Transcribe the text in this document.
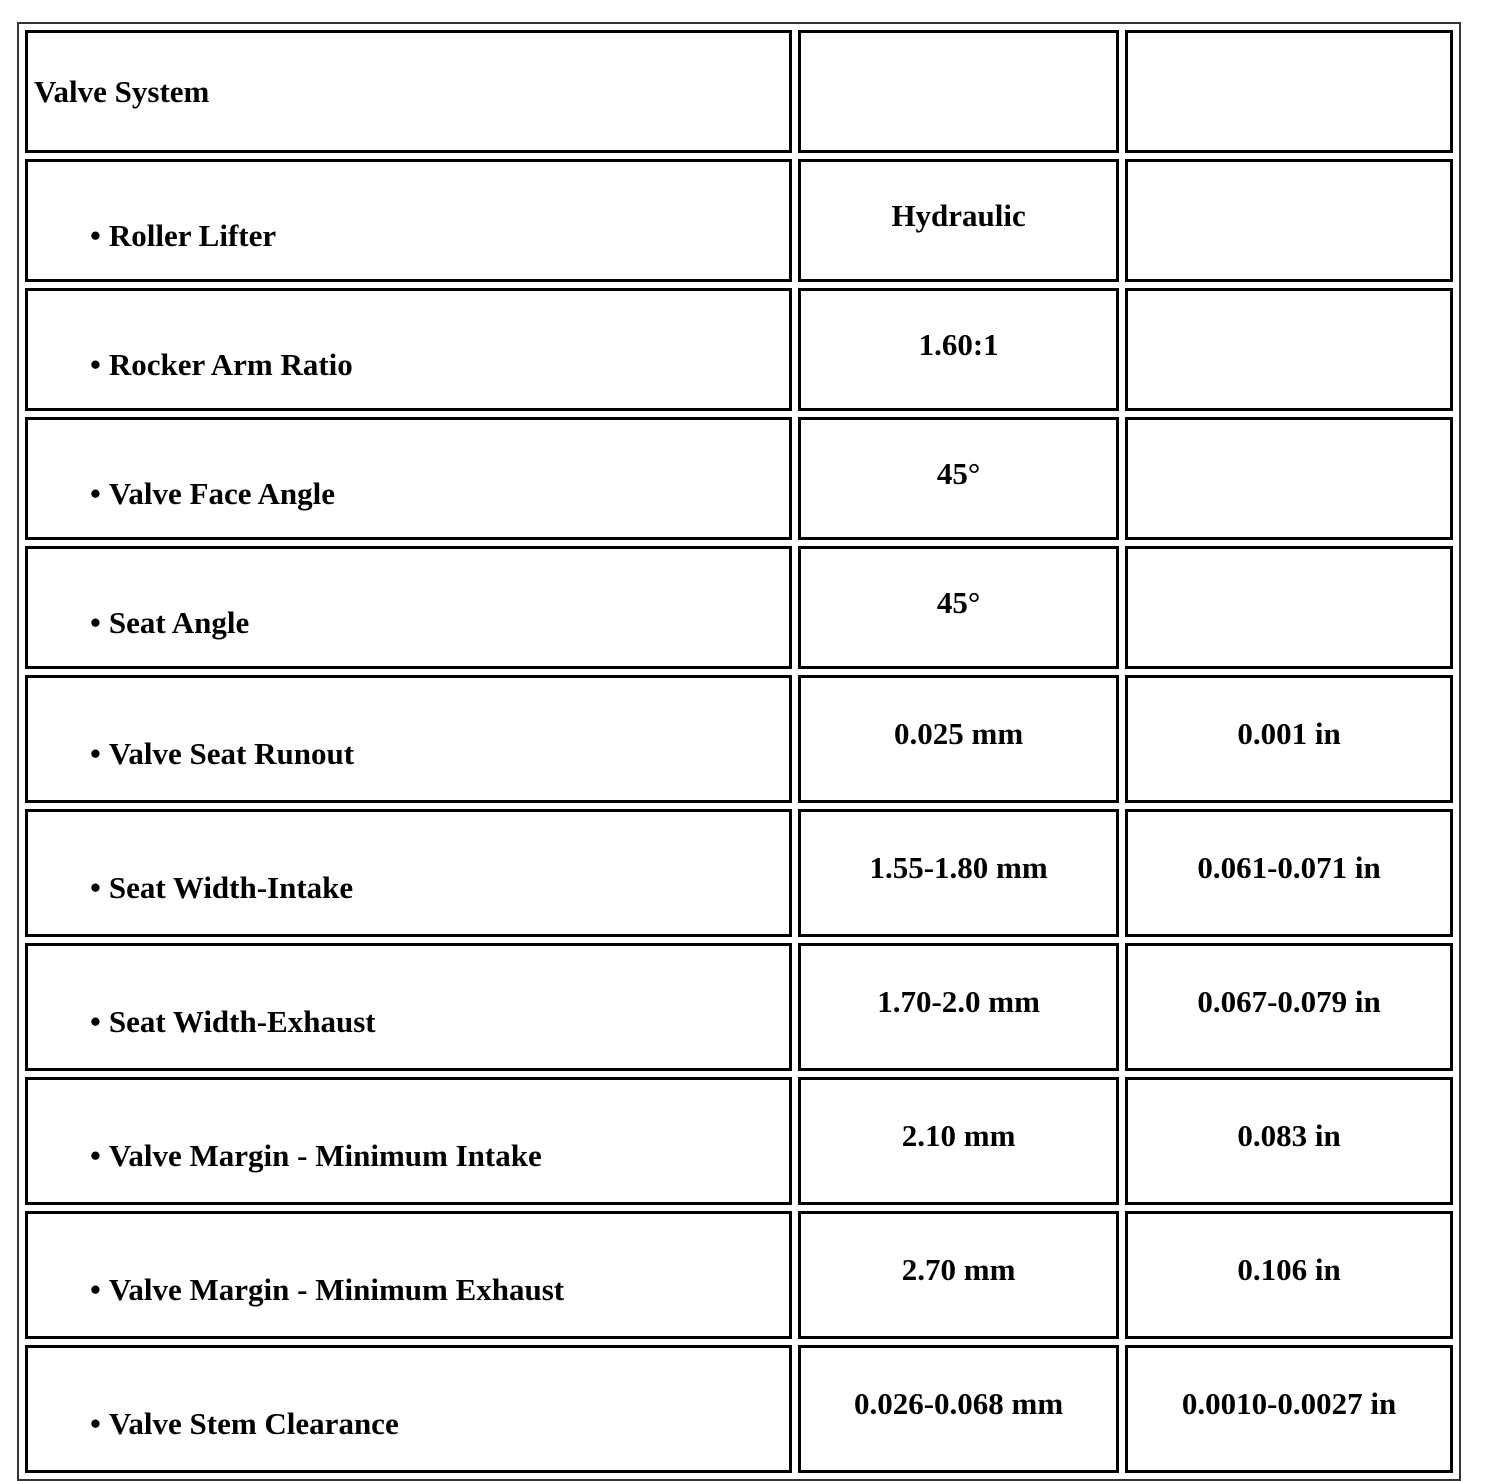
Valve System		

• Roller Lifter	Hydraulic	

• Rocker Arm Ratio	1.60:1	

• Valve Face Angle	45°	

• Seat Angle	45°	

• Valve Seat Runout	0.025 mm	0.001 in

• Seat Width-Intake	1.55-1.80 mm	0.061-0.071 in

• Seat Width-Exhaust	1.70-2.0 mm	0.067-0.079 in

• Valve Margin - Minimum Intake	2.10 mm	0.083 in

• Valve Margin - Minimum Exhaust	2.70 mm	0.106 in

• Valve Stem Clearance	0.026-0.068 mm	0.0010-0.0027 in
